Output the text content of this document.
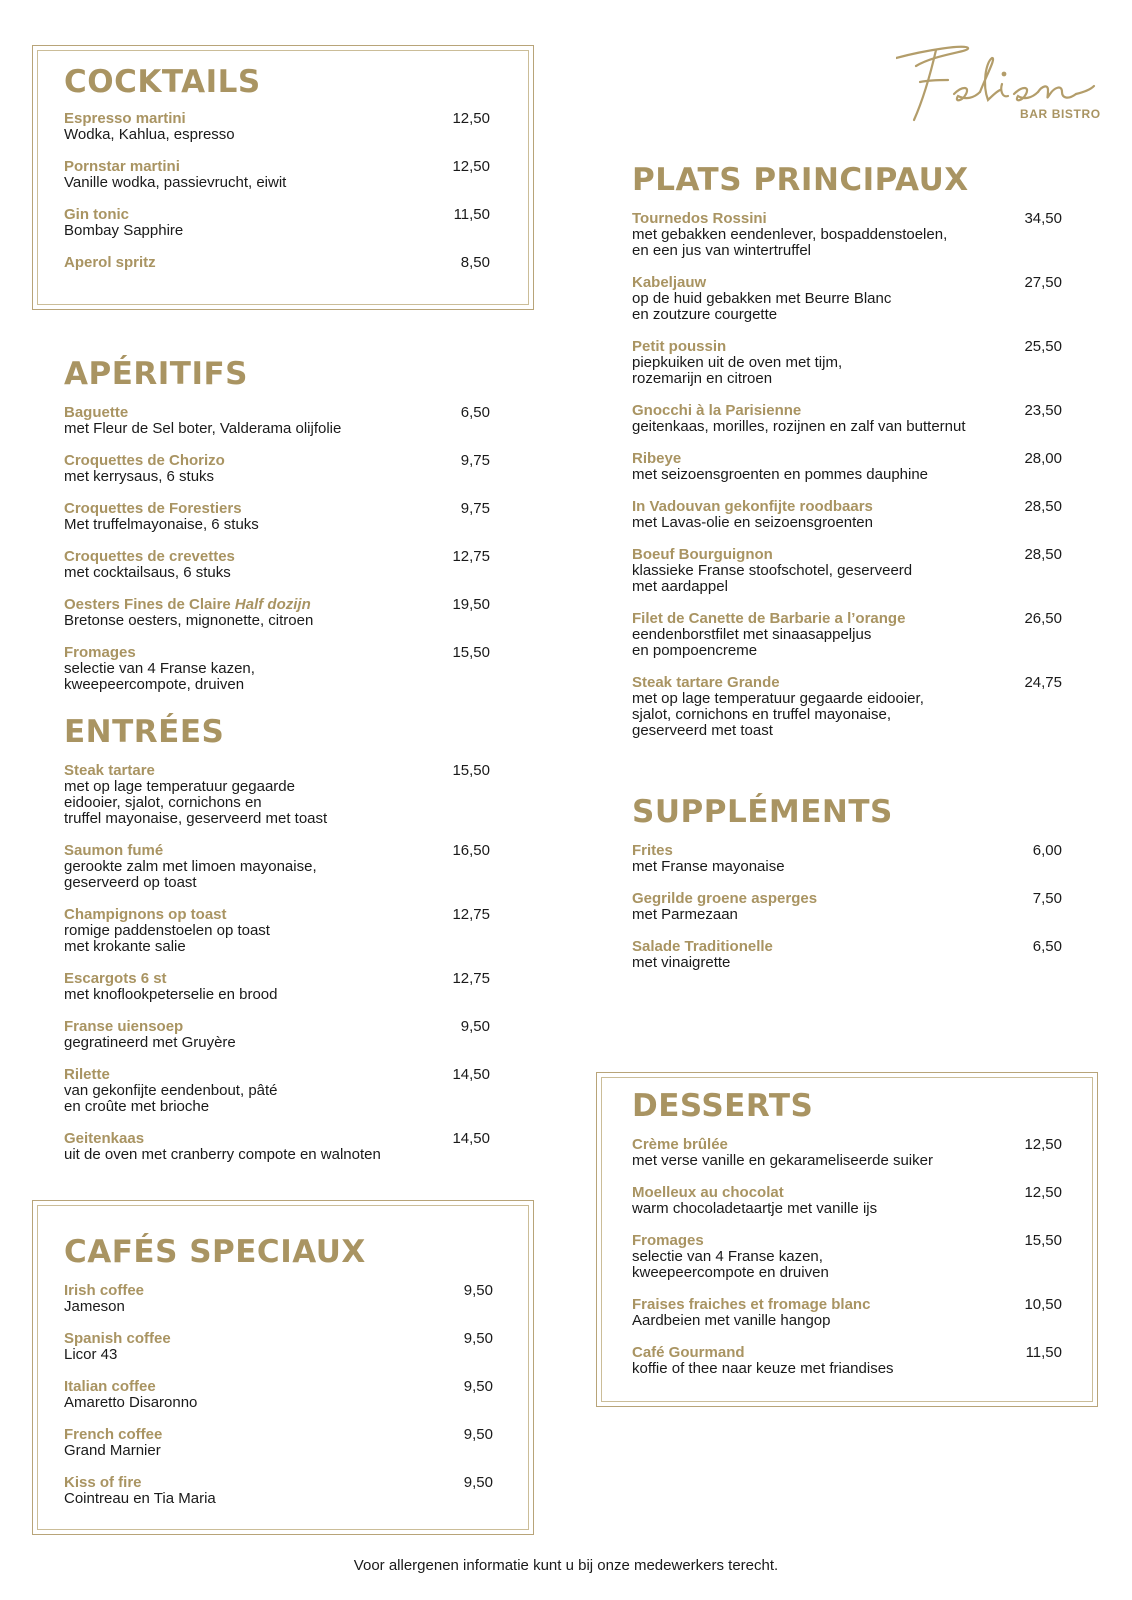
BAR BISTRO
COCKTAILS
Espresso martini
Wodka, Kahlua, espresso
12,50
Pornstar martini
Vanille wodka, passievrucht, eiwit
12,50
Gin tonic
Bombay Sapphire
11,50
Aperol spritz	8,50
APÉRITIFS
Baguette
met Fleur de Sel boter, Valderama olijfolie
6,50
Croquettes de Chorizo
met kerrysaus, 6 stuks
9,75
Croquettes de Forestiers
Met truffelmayonaise, 6 stuks
9,75
Croquettes de crevettes
met cocktailsaus, 6 stuks
12,75
Oesters Fines de Claire Half dozijn
Bretonse oesters, mignonette, citroen
19,50
Fromages
selectie van 4 Franse kazen,
kweepeercompote, druiven
15,50
ENTRÉES
Steak tartare
met op lage temperatuur gegaarde
eidooier, sjalot, cornichons en
truffel mayonaise, geserveerd met toast
15,50
Saumon fumé
gerookte zalm met limoen mayonaise,
geserveerd op toast
16,50
Champignons op toast
romige paddenstoelen op toast
met krokante salie
12,75
Escargots 6 st
met knoflookpeterselie en brood
12,75
Franse uiensoep
gegratineerd met Gruyère
9,50
Rilette
van gekonfijte eendenbout, pâté
en croûte met brioche
14,50
Geitenkaas
uit de oven met cranberry compote en walnoten
14,50
CAFÉS SPECIAUX
Irish coffee
Jameson
9,50
Spanish coffee
Licor 43
9,50
Italian coffee
Amaretto Disaronno
9,50
French coffee
Grand Marnier
9,50
Kiss of fire
Cointreau en Tia Maria
9,50
PLATS PRINCIPAUX
Tournedos Rossini
met gebakken eendenlever, bospaddenstoelen,
en een jus van wintertruffel
34,50
Kabeljauw
op de huid gebakken met Beurre Blanc
en zoutzure courgette
27,50
Petit poussin
piepkuiken uit de oven met tijm,
rozemarijn en citroen
25,50
Gnocchi à la Parisienne
geitenkaas, morilles, rozijnen en zalf van butternut
23,50
Ribeye
met seizoensgroenten en pommes dauphine
28,00
In Vadouvan gekonfijte roodbaars
met Lavas-olie en seizoensgroenten
28,50
Boeuf Bourguignon
klassieke Franse stoofschotel, geserveerd
met aardappel
28,50
Filet de Canette de Barbarie a l’orange
eendenborstfilet met sinaasappeljus
en pompoencreme
26,50
Steak tartare Grande
met op lage temperatuur gegaarde eidooier,
sjalot, cornichons en truffel mayonaise,
geserveerd met toast
24,75
SUPPLÉMENTS
Frites
met Franse mayonaise
6,00
Gegrilde groene asperges
met Parmezaan
7,50
Salade Traditionelle
met vinaigrette
6,50
DESSERTS
Crème brûlée
met verse vanille en gekarameliseerde suiker
12,50
Moelleux au chocolat
warm chocoladetaartje met vanille ijs
12,50
Fromages
selectie van 4 Franse kazen,
kweepeercompote en druiven
15,50
Fraises fraiches et fromage blanc
Aardbeien met vanille hangop
10,50
Café Gourmand
koffie of thee naar keuze met friandises
11,50
Voor allergenen informatie kunt u bij onze medewerkers terecht.
